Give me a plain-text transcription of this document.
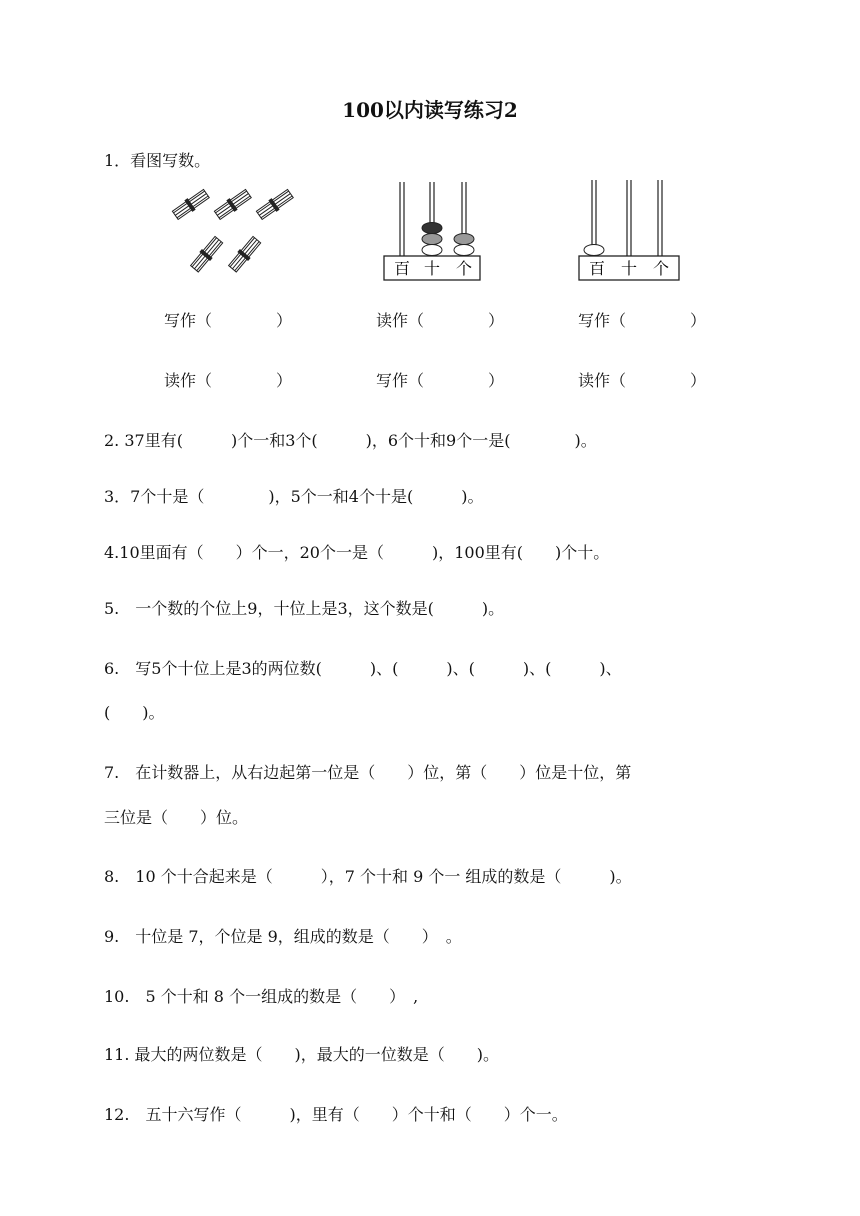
100以内读写练习2
1．看图写数。
百 十 个	百 十 个
写作（　　　　）	读作（　　　　）	写作（　　　　）
读作（　　　　）	写作（　　　　）	读作（　　　　）
2. 37里有(　　　)个一和3个(　　　)，6个十和9个一是(　　　　)。
3．7个十是（　　　　)，5个一和4个十是(　　　)。
4.10里面有（　　）个一，20个一是（　　　)，100里有(　　)个十。
5.　一个数的个位上9，十位上是3，这个数是(　　　)。
6.　写5个十位上是3的两位数(　　　)、(　　　)、(　　　)、(　　　)、
(　　)。
7.　在计数器上，从右边起第一位是（　　）位，第（　　）位是十位，第
三位是（　　）位。
8.　10 个十合起来是（　　　），7 个十和 9 个一 组成的数是（　　　)。
9.　十位是 7，个位是 9，组成的数是（　　）　。
10.　5 个十和 8 个一组成的数是（　　）　,
11. 最大的两位数是（　　)，最大的一位数是（　　)。
12.　五十六写作（　　　)，里有（　　）个十和（　　）个一。
